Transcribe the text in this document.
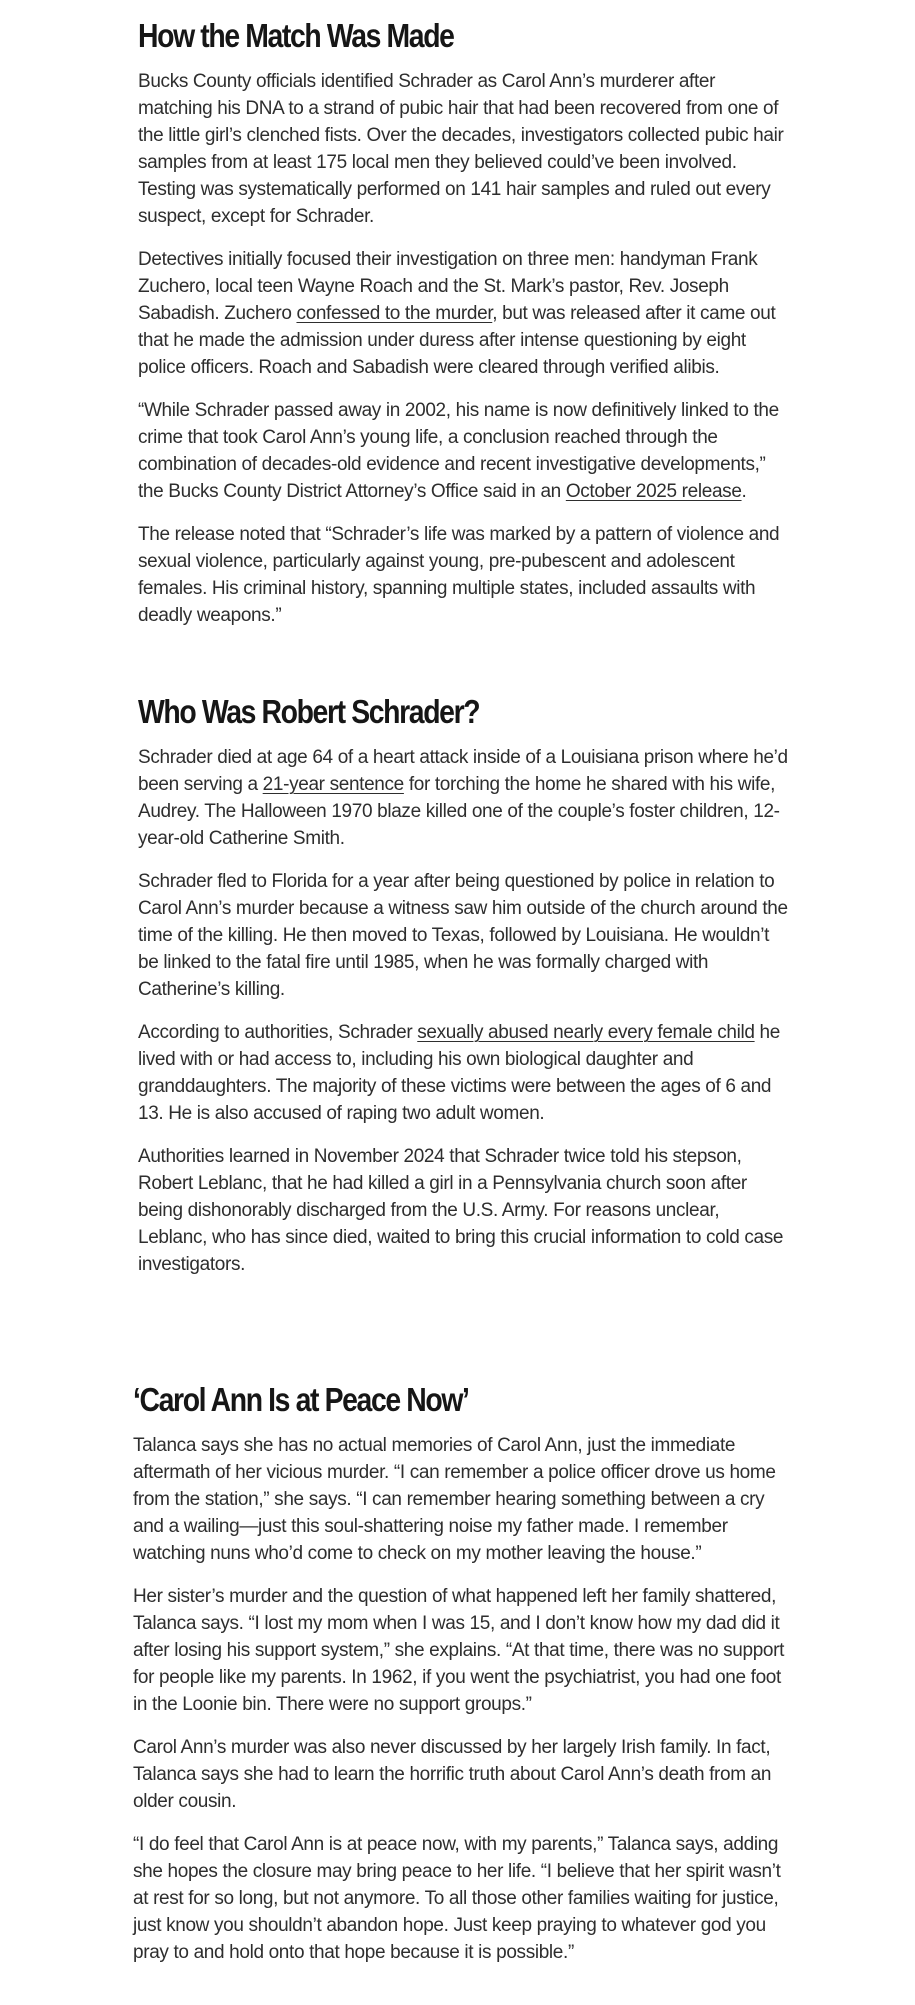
How the Match Was Made

Bucks County officials identified Schrader as Carol Ann’s murderer after matching his DNA to a strand of pubic hair that had been recovered from one of the little girl’s clenched fists. Over the decades, investigators collected pubic hair samples from at least 175 local men they believed could’ve been involved. Testing was systematically performed on 141 hair samples and ruled out every suspect, except for Schrader.

Detectives initially focused their investigation on three men: handyman Frank Zuchero, local teen Wayne Roach and the St. Mark’s pastor, Rev. Joseph Sabadish. Zuchero confessed to the murder, but was released after it came out that he made the admission under duress after intense questioning by eight police officers. Roach and Sabadish were cleared through verified alibis.

“While Schrader passed away in 2002, his name is now definitively linked to the crime that took Carol Ann’s young life, a conclusion reached through the combination of decades-old evidence and recent investigative developments,” the Bucks County District Attorney’s Office said in an October 2025 release.

The release noted that “Schrader’s life was marked by a pattern of violence and sexual violence, particularly against young, pre-pubescent and adolescent females. His criminal history, spanning multiple states, included assaults with deadly weapons.”

Who Was Robert Schrader?

Schrader died at age 64 of a heart attack inside of a Louisiana prison where he’d been serving a 21-year sentence for torching the home he shared with his wife, Audrey. The Halloween 1970 blaze killed one of the couple’s foster children, 12-year-old Catherine Smith.

Schrader fled to Florida for a year after being questioned by police in relation to Carol Ann’s murder because a witness saw him outside of the church around the time of the killing. He then moved to Texas, followed by Louisiana. He wouldn’t be linked to the fatal fire until 1985, when he was formally charged with Catherine’s killing.

According to authorities, Schrader sexually abused nearly every female child he lived with or had access to, including his own biological daughter and granddaughters. The majority of these victims were between the ages of 6 and 13. He is also accused of raping two adult women.

Authorities learned in November 2024 that Schrader twice told his stepson, Robert Leblanc, that he had killed a girl in a Pennsylvania church soon after being dishonorably discharged from the U.S. Army. For reasons unclear, Leblanc, who has since died, waited to bring this crucial information to cold case investigators.

‘Carol Ann Is at Peace Now’

Talanca says she has no actual memories of Carol Ann, just the immediate aftermath of her vicious murder. “I can remember a police officer drove us home from the station,” she says. “I can remember hearing something between a cry and a wailing—just this soul-shattering noise my father made. I remember watching nuns who’d come to check on my mother leaving the house.”

Her sister’s murder and the question of what happened left her family shattered, Talanca says. “I lost my mom when I was 15, and I don’t know how my dad did it after losing his support system,” she explains. “At that time, there was no support for people like my parents. In 1962, if you went the psychiatrist, you had one foot in the Loonie bin. There were no support groups.”

Carol Ann’s murder was also never discussed by her largely Irish family. In fact, Talanca says she had to learn the horrific truth about Carol Ann’s death from an older cousin.

“I do feel that Carol Ann is at peace now, with my parents,” Talanca says, adding she hopes the closure may bring peace to her life. “I believe that her spirit wasn’t at rest for so long, but not anymore. To all those other families waiting for justice, just know you shouldn’t abandon hope. Just keep praying to whatever god you pray to and hold onto that hope because it is possible.”
